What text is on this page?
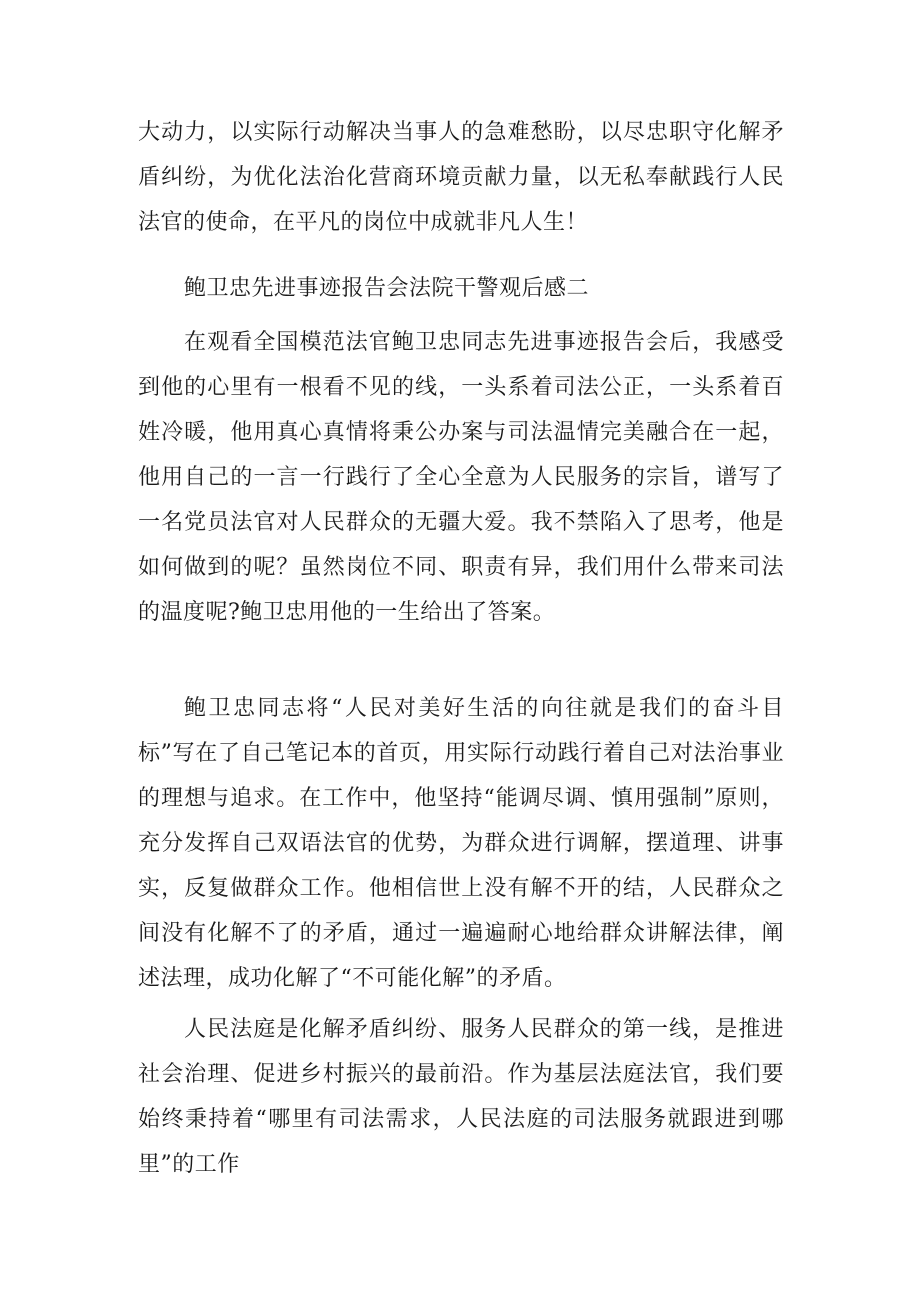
大动力，以实际行动解决当事人的急难愁盼，以尽忠职守化解矛盾纠纷，为优化法治化营商环境贡献力量，以无私奉献践行人民法官的使命，在平凡的岗位中成就非凡人生！

鲍卫忠先进事迹报告会法院干警观后感二

在观看全国模范法官鲍卫忠同志先进事迹报告会后，我感受到他的心里有一根看不见的线，一头系着司法公正，一头系着百姓冷暖，他用真心真情将秉公办案与司法温情完美融合在一起，他用自己的一言一行践行了全心全意为人民服务的宗旨，谱写了一名党员法官对人民群众的无疆大爱。我不禁陷入了思考，他是如何做到的呢？虽然岗位不同、职责有异，我们用什么带来司法的温度呢?鲍卫忠用他的一生给出了答案。

鲍卫忠同志将“人民对美好生活的向往就是我们的奋斗目标”写在了自己笔记本的首页，用实际行动践行着自己对法治事业的理想与追求。在工作中，他坚持“能调尽调、慎用强制”原则，充分发挥自己双语法官的优势，为群众进行调解，摆道理、讲事实，反复做群众工作。他相信世上没有解不开的结，人民群众之间没有化解不了的矛盾，通过一遍遍耐心地给群众讲解法律，阐述法理，成功化解了“不可能化解”的矛盾。

人民法庭是化解矛盾纠纷、服务人民群众的第一线，是推进社会治理、促进乡村振兴的最前沿。作为基层法庭法官，我们要始终秉持着“哪里有司法需求，人民法庭的司法服务就跟进到哪里”的工作
